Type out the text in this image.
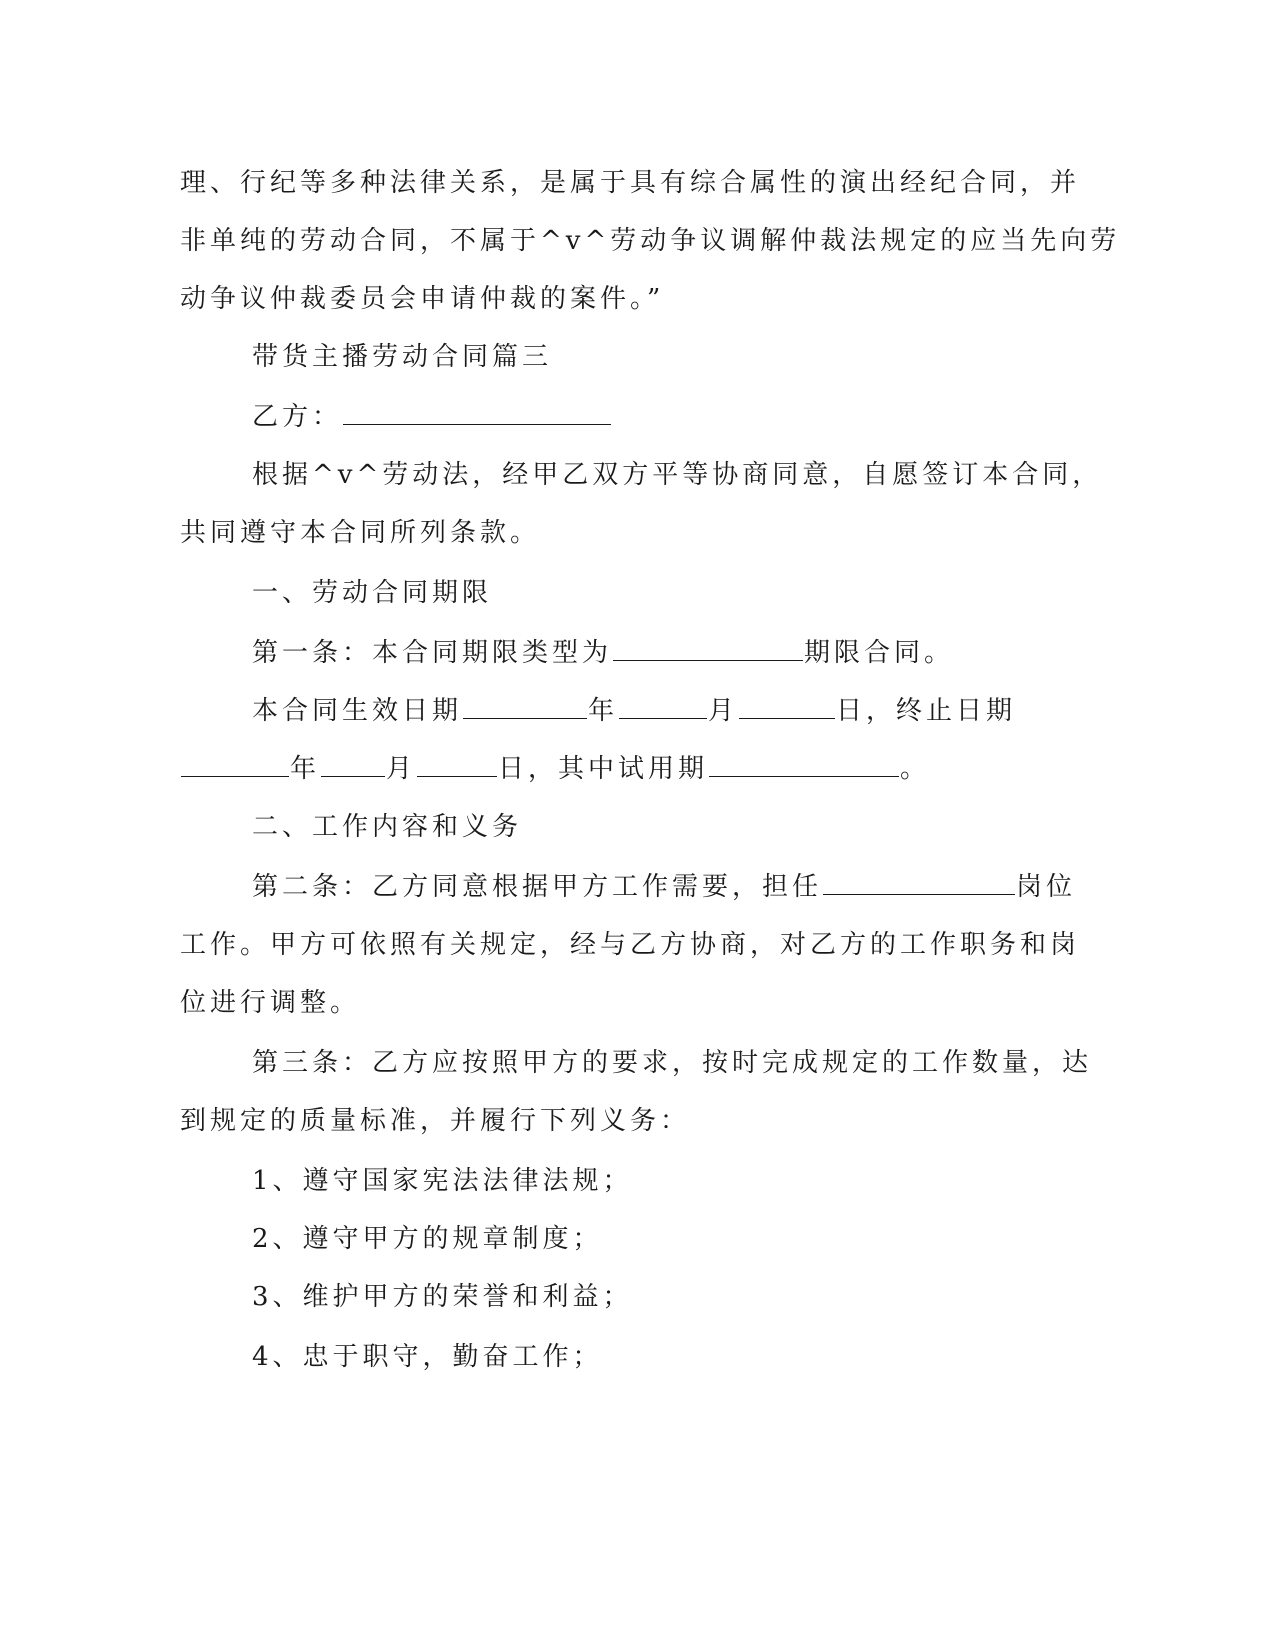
理、行纪等多种法律关系，是属于具有综合属性的演出经纪合同，并
非单纯的劳动合同，不属于^v^劳动争议调解仲裁法规定的应当先向劳
动争议仲裁委员会申请仲裁的案件。”
带货主播劳动合同篇三
乙方：
根据^v^劳动法，经甲乙双方平等协商同意，自愿签订本合同，
共同遵守本合同所列条款。
一、劳动合同期限
第一条：本合同期限类型为	期限合同。
本合同生效日期	年	月	日，终止日期
年	月	日，其中试用期	。
二、工作内容和义务
第二条：乙方同意根据甲方工作需要，担任	岗位
工作。甲方可依照有关规定，经与乙方协商，对乙方的工作职务和岗
位进行调整。
第三条：乙方应按照甲方的要求，按时完成规定的工作数量，达
到规定的质量标准，并履行下列义务：
1、遵守国家宪法法律法规；
2、遵守甲方的规章制度；
3、维护甲方的荣誉和利益；
4、忠于职守，勤奋工作；
